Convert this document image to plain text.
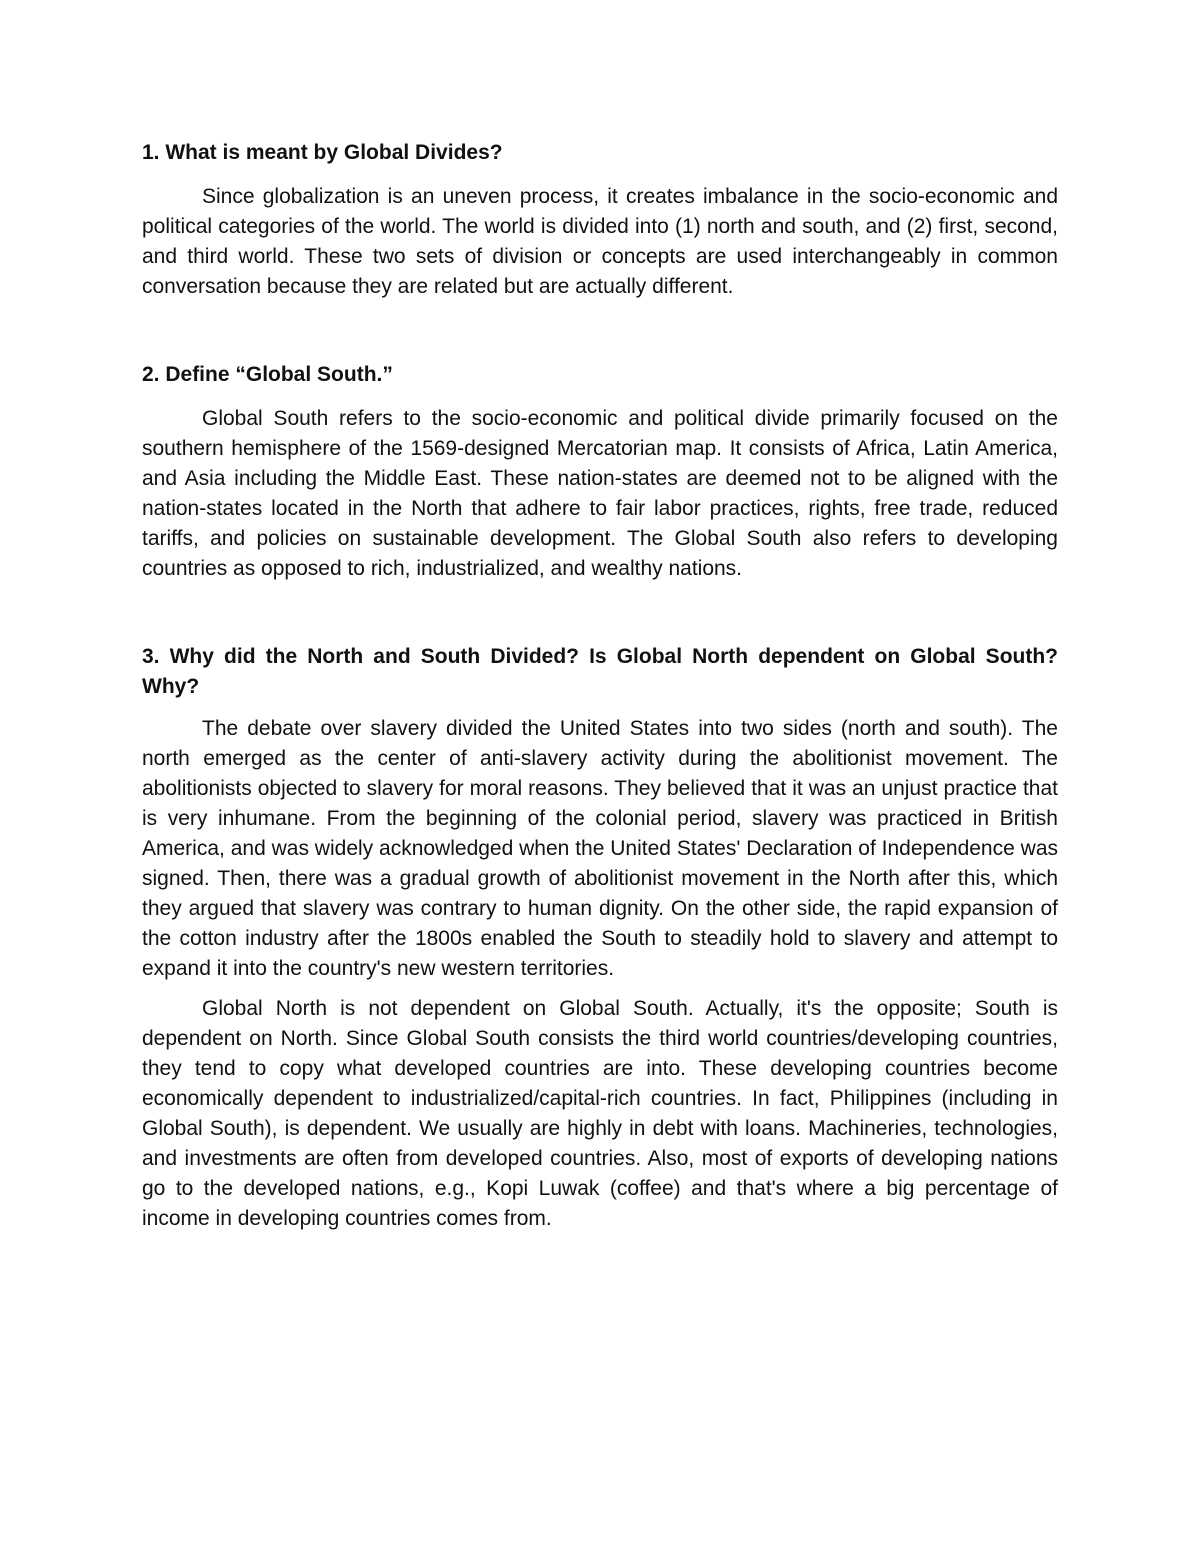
1. What is meant by Global Divides?

Since globalization is an uneven process, it creates imbalance in the socio-economic and political categories of the world. The world is divided into (1) north and south, and (2) first, second, and third world. These two sets of division or concepts are used interchangeably in common conversation because they are related but are actually different.

2. Define “Global South.”

Global South refers to the socio-economic and political divide primarily focused on the southern hemisphere of the 1569-designed Mercatorian map. It consists of Africa, Latin America, and Asia including the Middle East. These nation-states are deemed not to be aligned with the nation-states located in the North that adhere to fair labor practices, rights, free trade, reduced tariffs, and policies on sustainable development. The Global South also refers to developing countries as opposed to rich, industrialized, and wealthy nations.

3. Why did the North and South Divided? Is Global North dependent on Global South? Why?

The debate over slavery divided the United States into two sides (north and south). The north emerged as the center of anti-slavery activity during the abolitionist movement. The abolitionists objected to slavery for moral reasons. They believed that it was an unjust practice that is very inhumane. From the beginning of the colonial period, slavery was practiced in British America, and was widely acknowledged when the United States' Declaration of Independence was signed. Then, there was a gradual growth of abolitionist movement in the North after this, which they argued that slavery was contrary to human dignity. On the other side, the rapid expansion of the cotton industry after the 1800s enabled the South to steadily hold to slavery and attempt to expand it into the country's new western territories.

Global North is not dependent on Global South. Actually, it's the opposite; South is dependent on North. Since Global South consists the third world countries/developing countries, they tend to copy what developed countries are into. These developing countries become economically dependent to industrialized/capital-rich countries. In fact, Philippines (including in Global South), is dependent. We usually are highly in debt with loans. Machineries, technologies, and investments are often from developed countries. Also, most of exports of developing nations go to the developed nations, e.g., Kopi Luwak (coffee) and that's where a big percentage of income in developing countries comes from.
